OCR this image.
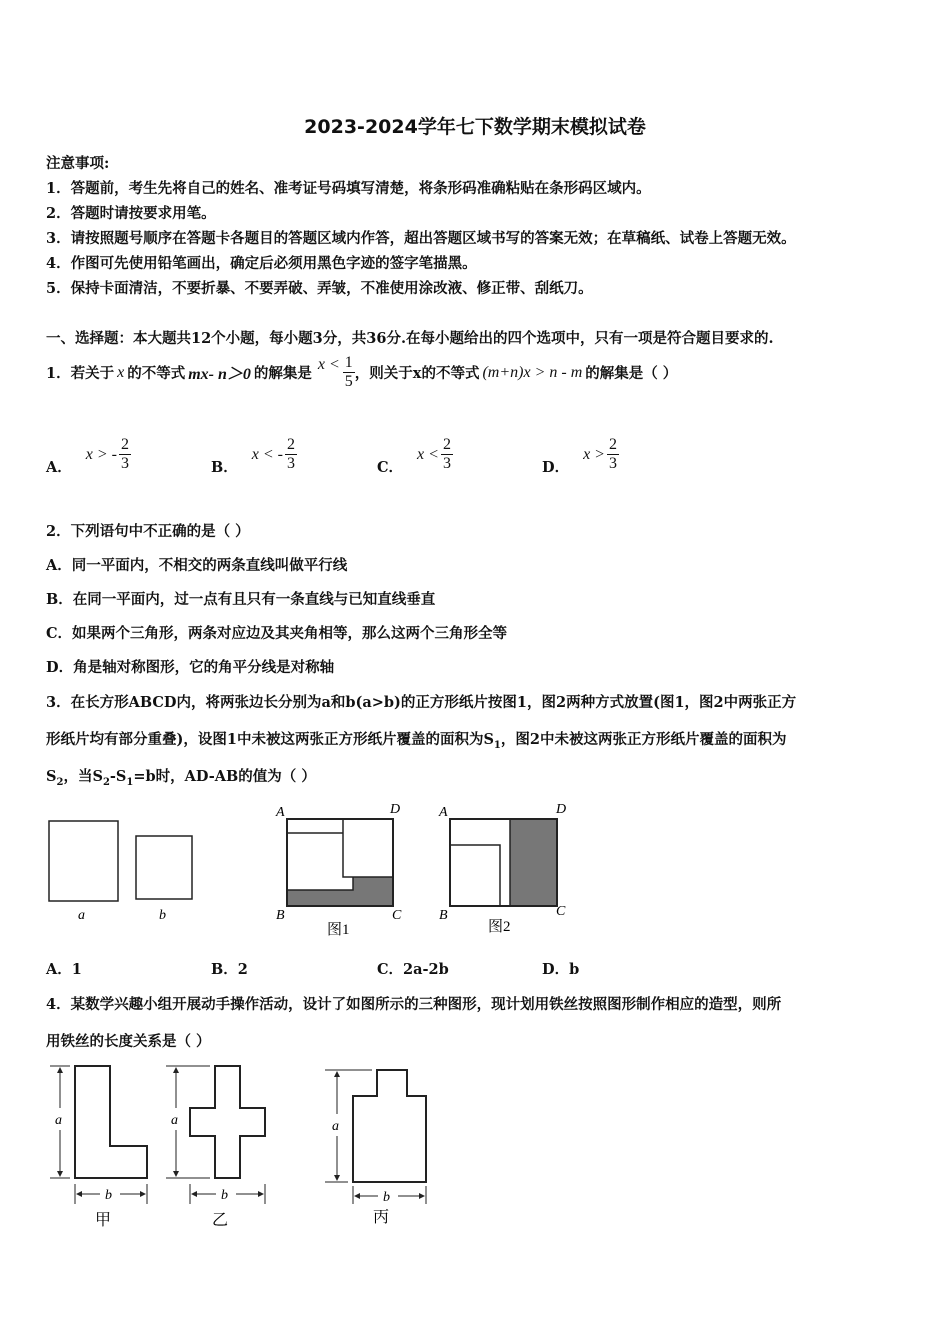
2023-2024学年七下数学期末模拟试卷
注意事项:
1．答题前，考生先将自己的姓名、准考证号码填写清楚，将条形码准确粘贴在条形码区域内。
2．答题时请按要求用笔。
3．请按照题号顺序在答题卡各题目的答题区域内作答，超出答题区域书写的答案无效；在草稿纸、试卷上答题无效。
4．作图可先使用铅笔画出，确定后必须用黑色字迹的签字笔描黑。
5．保持卡面清洁，不要折暴、不要弄破、弄皱，不准使用涂改液、修正带、刮纸刀。
一、选择题：本大题共12个小题，每小题3分，共36分.在每小题给出的四个选项中，只有一项是符合题目要求的.
1．若关于 x 的不等式 mx- n＞0 的解集是
$x < \frac{1}{5}$ ，则关于x的不等式 (m+n)x > n - m 的解集是（ ）
A．
x > - $\frac{2}{3}$	B．
x < - $\frac{2}{3}$	C．
$x < \frac{2}{3}$	D．
$x > \frac{2}{3}$
2．下列语句中不正确的是（ ）
A．同一平面内，不相交的两条直线叫做平行线
B．在同一平面内，过一点有且只有一条直线与已知直线垂直
C．如果两个三角形，两条对应边及其夹角相等，那么这两个三角形全等
D．角是轴对称图形，它的角平分线是对称轴
3．在长方形ABCD内，将两张边长分别为a和b(a>b)的正方形纸片按图1，图2两种方式放置(图1，图2中两张正方
形纸片均有部分重叠)，设图1中未被这两张正方形纸片覆盖的面积为$S_1$，图2中未被这两张正方形纸片覆盖的面积为
$S_2$，当$S_2-S_1=b$时，AD-AB的值为（ ）
a	b
A	D
B	C
图1
A	D
B	C
图2
A．1	B．2	C．2a-2b	D．b
4．某数学兴趣小组开展动手操作活动，设计了如图所示的三种图形，现计划用铁丝按照图形制作相应的造型，则所
用铁丝的长度关系是（ ）
a
b
甲
a
b
乙
a
b
丙
